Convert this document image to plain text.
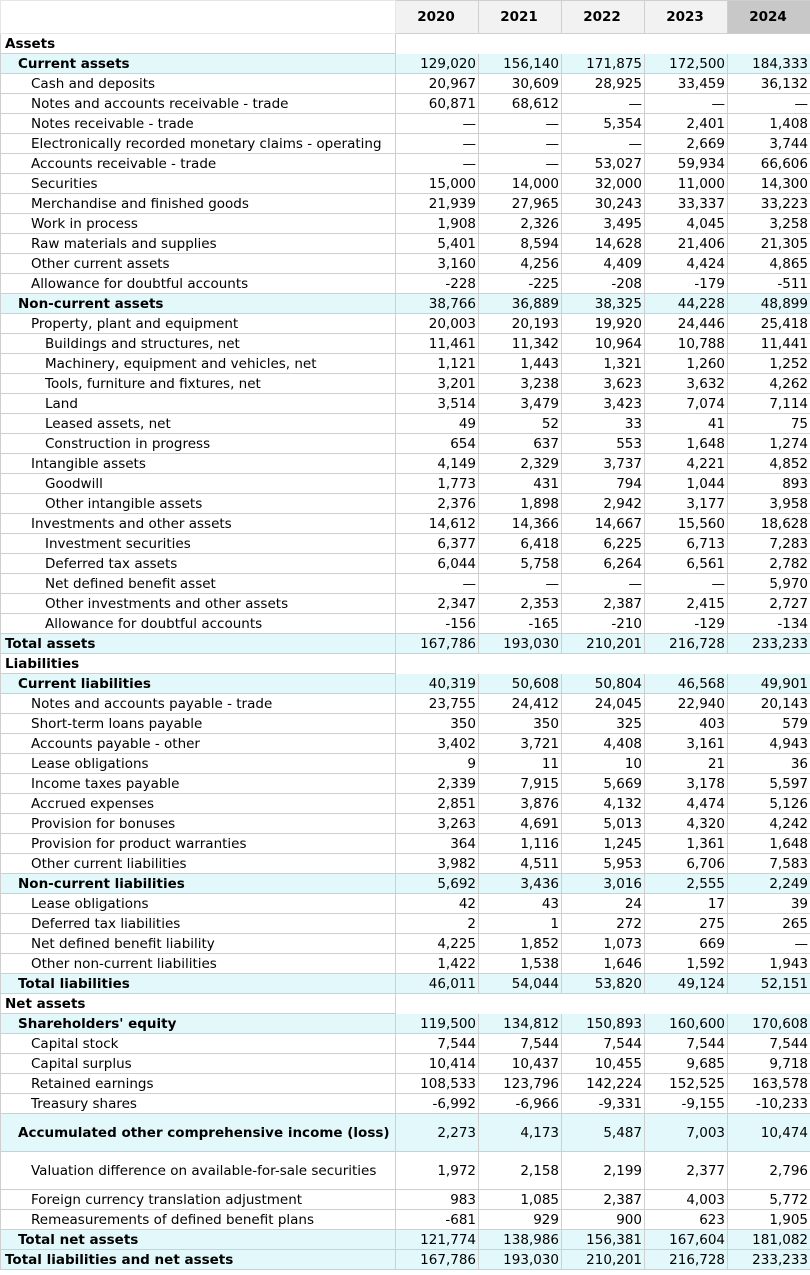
	2020	2021	2022	2023	2024
Assets					
Current assets	129,020	156,140	171,875	172,500	184,333
Cash and deposits	20,967	30,609	28,925	33,459	36,132
Notes and accounts receivable - trade	60,871	68,612	—	—	—
Notes receivable - trade	—	—	5,354	2,401	1,408
Electronically recorded monetary claims - operating	—	—	—	2,669	3,744
Accounts receivable - trade	—	—	53,027	59,934	66,606
Securities	15,000	14,000	32,000	11,000	14,300
Merchandise and finished goods	21,939	27,965	30,243	33,337	33,223
Work in process	1,908	2,326	3,495	4,045	3,258
Raw materials and supplies	5,401	8,594	14,628	21,406	21,305
Other current assets	3,160	4,256	4,409	4,424	4,865
Allowance for doubtful accounts	-228	-225	-208	-179	-511
Non-current assets	38,766	36,889	38,325	44,228	48,899
Property, plant and equipment	20,003	20,193	19,920	24,446	25,418
Buildings and structures, net	11,461	11,342	10,964	10,788	11,441
Machinery, equipment and vehicles, net	1,121	1,443	1,321	1,260	1,252
Tools, furniture and fixtures, net	3,201	3,238	3,623	3,632	4,262
Land	3,514	3,479	3,423	7,074	7,114
Leased assets, net	49	52	33	41	75
Construction in progress	654	637	553	1,648	1,274
Intangible assets	4,149	2,329	3,737	4,221	4,852
Goodwill	1,773	431	794	1,044	893
Other intangible assets	2,376	1,898	2,942	3,177	3,958
Investments and other assets	14,612	14,366	14,667	15,560	18,628
Investment securities	6,377	6,418	6,225	6,713	7,283
Deferred tax assets	6,044	5,758	6,264	6,561	2,782
Net defined benefit asset	—	—	—	—	5,970
Other investments and other assets	2,347	2,353	2,387	2,415	2,727
Allowance for doubtful accounts	-156	-165	-210	-129	-134
Total assets	167,786	193,030	210,201	216,728	233,233
Liabilities					
Current liabilities	40,319	50,608	50,804	46,568	49,901
Notes and accounts payable - trade	23,755	24,412	24,045	22,940	20,143
Short-term loans payable	350	350	325	403	579
Accounts payable - other	3,402	3,721	4,408	3,161	4,943
Lease obligations	9	11	10	21	36
Income taxes payable	2,339	7,915	5,669	3,178	5,597
Accrued expenses	2,851	3,876	4,132	4,474	5,126
Provision for bonuses	3,263	4,691	5,013	4,320	4,242
Provision for product warranties	364	1,116	1,245	1,361	1,648
Other current liabilities	3,982	4,511	5,953	6,706	7,583
Non-current liabilities	5,692	3,436	3,016	2,555	2,249
Lease obligations	42	43	24	17	39
Deferred tax liabilities	2	1	272	275	265
Net defined benefit liability	4,225	1,852	1,073	669	—
Other non-current liabilities	1,422	1,538	1,646	1,592	1,943
Total liabilities	46,011	54,044	53,820	49,124	52,151
Net assets					
Shareholders' equity	119,500	134,812	150,893	160,600	170,608
Capital stock	7,544	7,544	7,544	7,544	7,544
Capital surplus	10,414	10,437	10,455	9,685	9,718
Retained earnings	108,533	123,796	142,224	152,525	163,578
Treasury shares	-6,992	-6,966	-9,331	-9,155	-10,233
Accumulated other comprehensive income (loss)	2,273	4,173	5,487	7,003	10,474
Valuation difference on available-for-sale securities	1,972	2,158	2,199	2,377	2,796
Foreign currency translation adjustment	983	1,085	2,387	4,003	5,772
Remeasurements of defined benefit plans	-681	929	900	623	1,905
Total net assets	121,774	138,986	156,381	167,604	181,082
Total liabilities and net assets	167,786	193,030	210,201	216,728	233,233
